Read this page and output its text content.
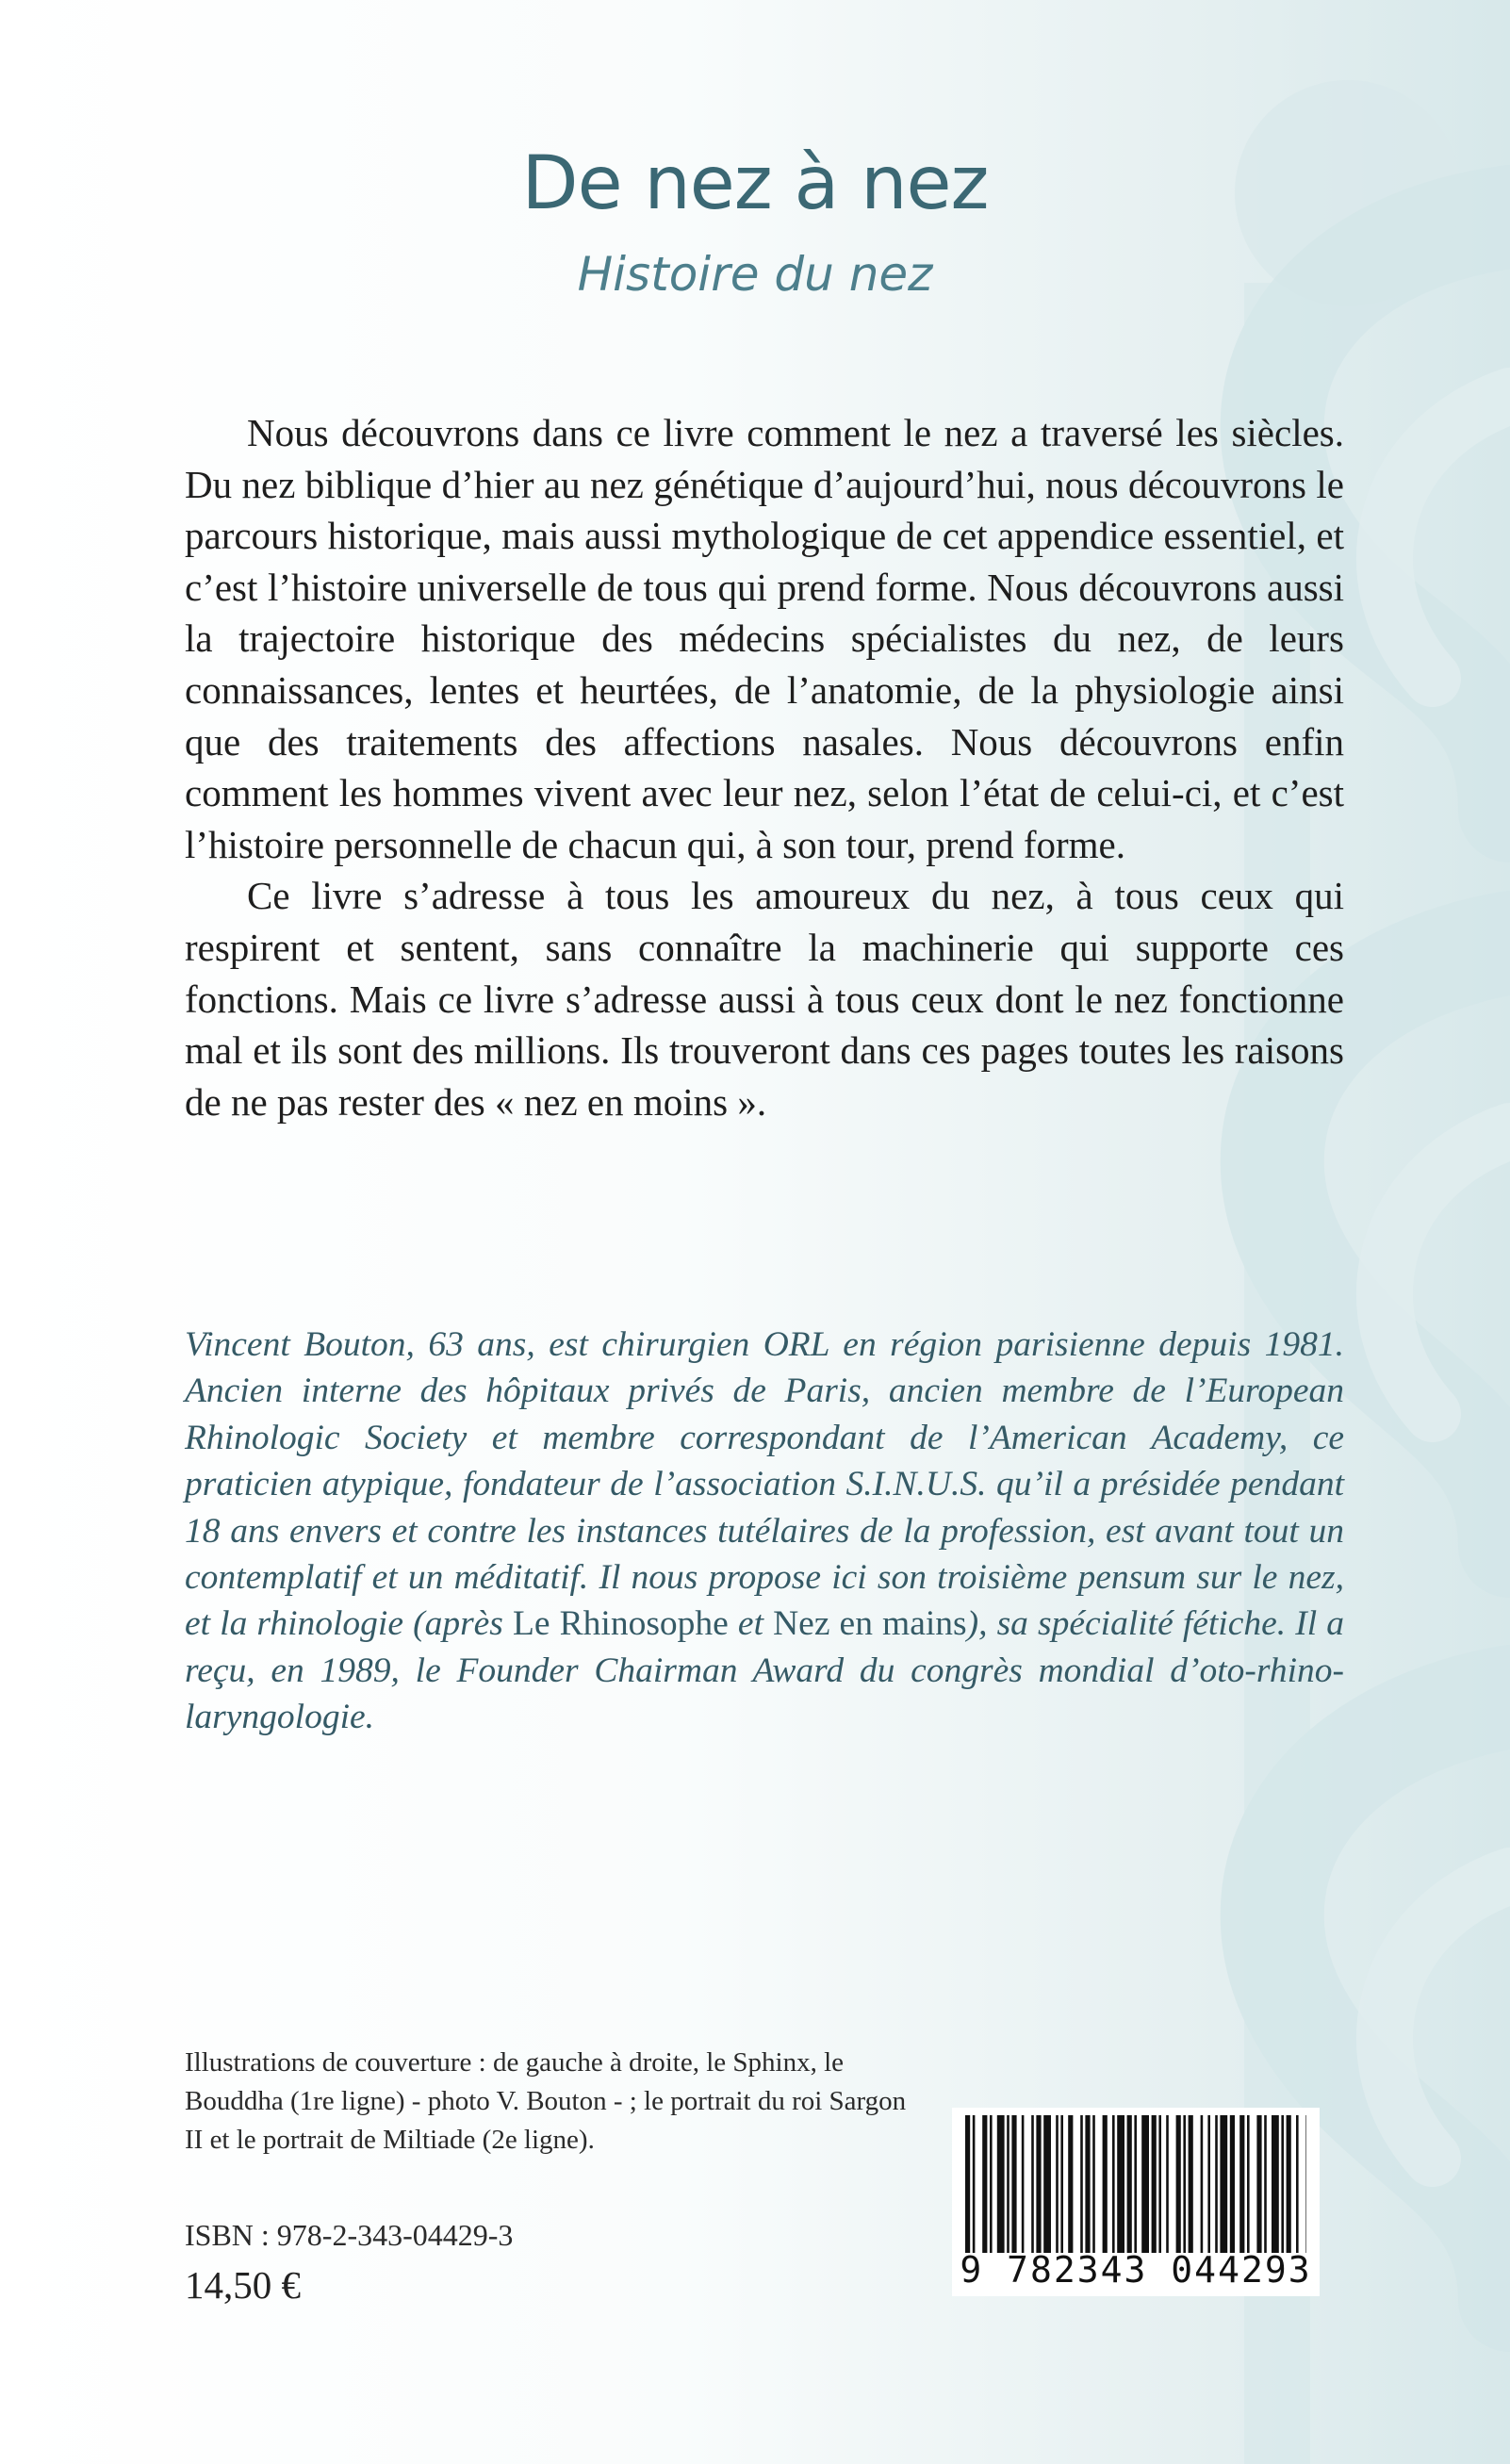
De nez à nez
Histoire du nez

Nous découvrons dans ce livre comment le nez a traversé les siècles. Du nez biblique d’hier au nez génétique d’aujourd’hui, nous découvrons le parcours historique, mais aussi mythologique de cet appendice essentiel, et c’est l’histoire universelle de tous qui prend forme. Nous découvrons aussi la trajectoire historique des médecins spécialistes du nez, de leurs connaissances, lentes et heurtées, de l’anatomie, de la physiologie ainsi que des traitements des affections nasales. Nous découvrons enfin comment les hommes vivent avec leur nez, selon l’état de celui-ci, et c’est l’histoire personnelle de chacun qui, à son tour, prend forme.

Ce livre s’adresse à tous les amoureux du nez, à tous ceux qui respirent et sentent, sans connaître la machinerie qui supporte ces fonctions. Mais ce livre s’adresse aussi à tous ceux dont le nez fonctionne mal et ils sont des millions. Ils trouveront dans ces pages toutes les raisons de ne pas rester des « nez en moins ».

Vincent Bouton, 63 ans, est chirurgien ORL en région parisienne depuis 1981. Ancien interne des hôpitaux privés de Paris, ancien membre de l’European Rhinologic Society et membre correspondant de l’American Academy, ce praticien atypique, fondateur de l’association S.I.N.U.S. qu’il a présidée pendant 18 ans envers et contre les instances tutélaires de la profession, est avant tout un contemplatif et un méditatif. Il nous propose ici son troisième pensum sur le nez, et la rhinologie (après Le Rhinosophe et Nez en mains), sa spécialité fétiche. Il a reçu, en 1989, le Founder Chairman Award du congrès mondial d’oto-rhino-laryngologie.

Illustrations de couverture : de gauche à droite, le Sphinx, le Bouddha (1re ligne) - photo V. Bouton - ; le portrait du roi Sargon II et le portrait de Miltiade (2e ligne).

ISBN : 978-2-343-04429-3
14,50 €	9 782343 044293
